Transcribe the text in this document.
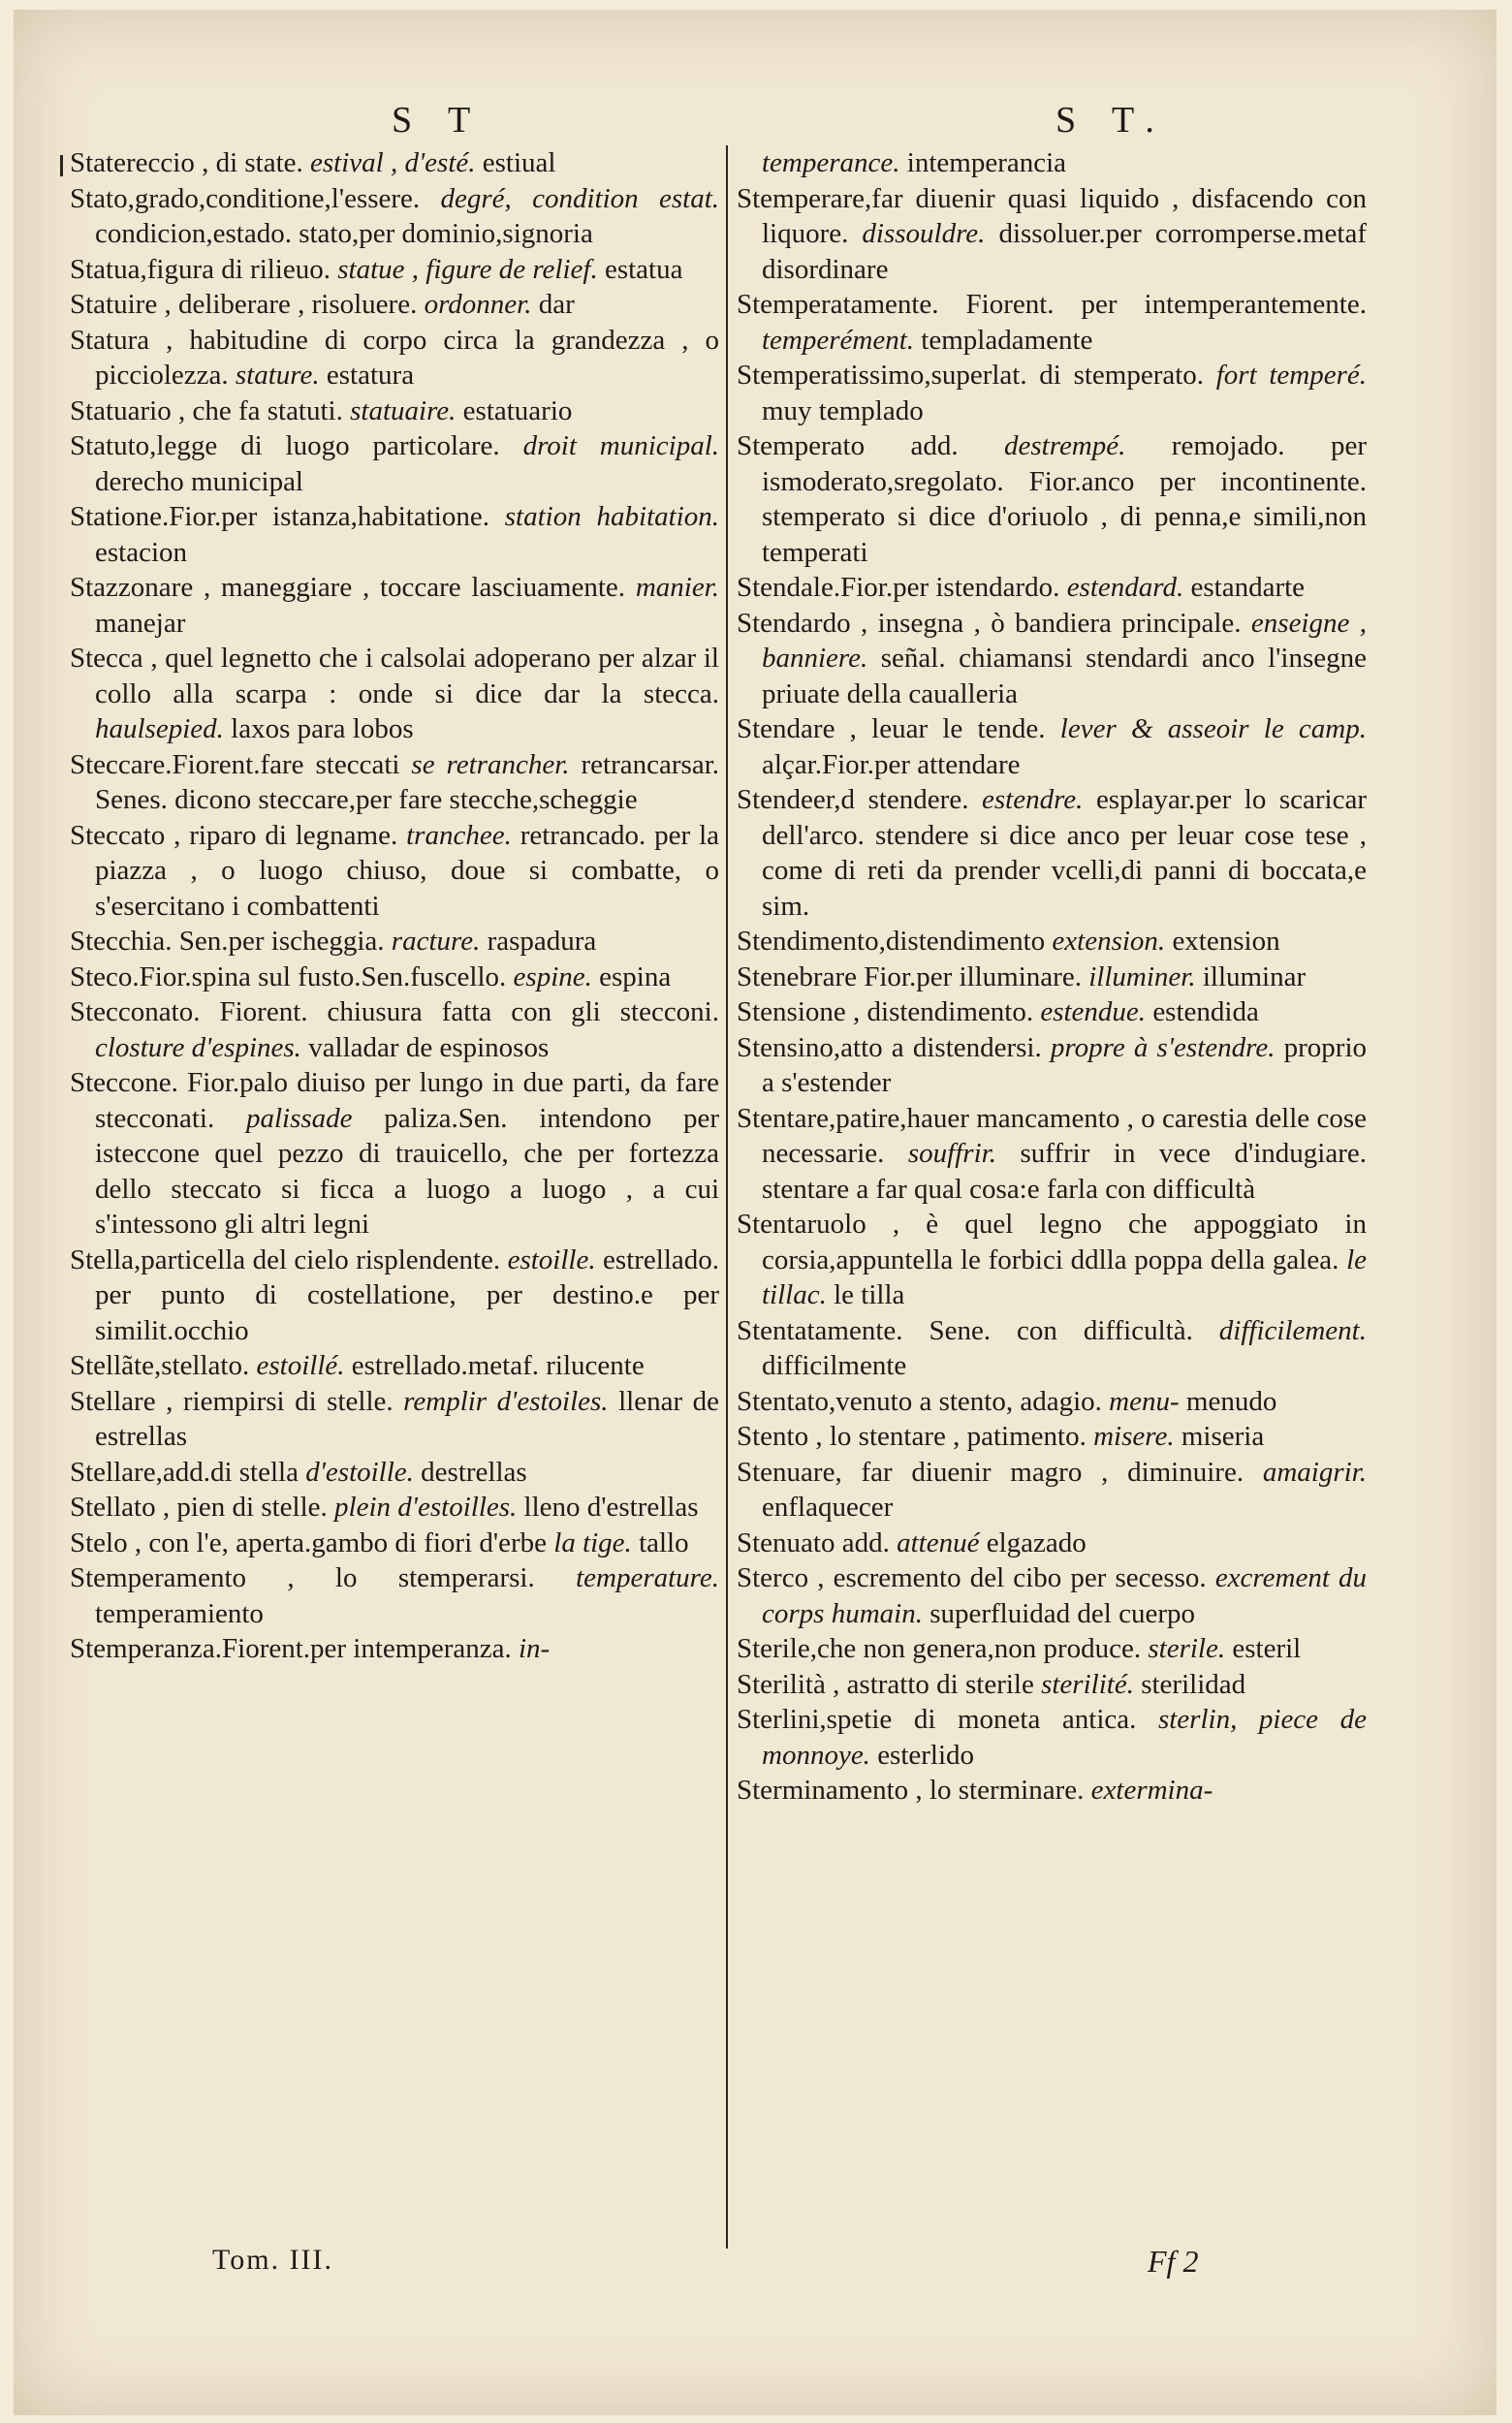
S T	S T.

Statereccio , di state. estival , d'esté. estiual

Stato,grado,conditione,l'essere. degré, condition estat. condicion,estado. stato,per dominio,signoria

Statua,figura di rilieuo. statue , figure de relief. estatua

Statuire , deliberare , risoluere. ordonner. dar

Statura , habitudine di corpo circa la grandezza , o picciolezza. stature. estatura

Statuario , che fa statuti. statuaire. estatuario

Statuto,legge di luogo particolare. droit municipal. derecho municipal

Statione.Fior.per istanza,habitatione. station habitation. estacion

Stazzonare , maneggiare , toccare lasciuamente. manier. manejar

Stecca , quel legnetto che i calsolai adoperano per alzar il collo alla scarpa : onde si dice dar la stecca. haulsepied. laxos para lobos

Steccare.Fiorent.fare steccati se retrancher. retrancarsar. Senes. dicono steccare,per fare stecche,scheggie

Steccato , riparo di legname. tranchee. retrancado. per la piazza , o luogo chiuso, doue si combatte, o s'esercitano i combattenti

Stecchia. Sen.per ischeggia. racture. raspadura

Steco.Fior.spina sul fusto.Sen.fuscello. espine. espina

Stecconato. Fiorent. chiusura fatta con gli stecconi. closture d'espines. valladar de espinosos

Steccone. Fior.palo diuiso per lungo in due parti, da fare stecconati. palissade paliza.Sen. intendono per isteccone quel pezzo di trauicello, che per fortezza dello steccato si ficca a luogo a luogo , a cui s'intessono gli altri legni

Stella,particella del cielo risplendente. estoille. estrellado. per punto di costellatione, per destino.e per similit.occhio

Stellãte,stellato. estoillé. estrellado.metaf. rilucente

Stellare , riempirsi di stelle. remplir d'estoiles. llenar de estrellas

Stellare,add.di stella d'estoille. destrellas

Stellato , pien di stelle. plein d'estoilles. lleno d'estrellas

Stelo , con l'e, aperta.gambo di fiori d'erbe la tige. tallo

Stemperamento , lo stemperarsi. temperature. temperamiento

Stemperanza.Fiorent.per intemperanza. in-

temperance. intemperancia

Stemperare,far diuenir quasi liquido , disfacendo con liquore. dissouldre. dissoluer.per corromperse.metaf disordinare

Stemperatamente. Fiorent. per intemperantemente. temperément. templadamente

Stemperatissimo,superlat. di stemperato. fort temperé. muy templado

Stemperato add. destrempé. remojado. per ismoderato,sregolato. Fior.anco per incontinente. stemperato si dice d'oriuolo , di penna,e simili,non temperati

Stendale.Fior.per istendardo. estendard. estandarte

Stendardo , insegna , ò bandiera principale. enseigne , banniere. señal. chiamansi stendardi anco l'insegne priuate della caualleria

Stendare , leuar le tende. lever & asseoir le camp. alçar.Fior.per attendare

Stendeer,d stendere. estendre. esplayar.per lo scaricar dell'arco. stendere si dice anco per leuar cose tese , come di reti da prender vcelli,di panni di boccata,e sim.

Stendimento,distendimento extension. extension

Stenebrare Fior.per illuminare. illuminer. illuminar

Stensione , distendimento. estendue. estendida

Stensino,atto a distendersi. propre à s'estendre. proprio a s'estender

Stentare,patire,hauer mancamento , o carestia delle cose necessarie. souffrir. suffrir in vece d'indugiare. stentare a far qual cosa:e farla con difficultà

Stentaruolo , è quel legno che appoggiato in corsia,appuntella le forbici ddlla poppa della galea. le tillac. le tilla

Stentatamente. Sene. con difficultà. difficilement. difficilmente

Stentato,venuto a stento, adagio. menu- menudo

Stento , lo stentare , patimento. misere. miseria

Stenuare, far diuenir magro , diminuire. amaigrir. enflaquecer

Stenuato add. attenué elgazado

Sterco , escremento del cibo per secesso. excrement du corps humain. superfluidad del cuerpo

Sterile,che non genera,non produce. sterile. esteril

Sterilità , astratto di sterile sterilité. sterilidad

Sterlini,spetie di moneta antica. sterlin, piece de monnoye. esterlido

Sterminamento , lo sterminare. extermina-

Tom. III.	Ff 2
